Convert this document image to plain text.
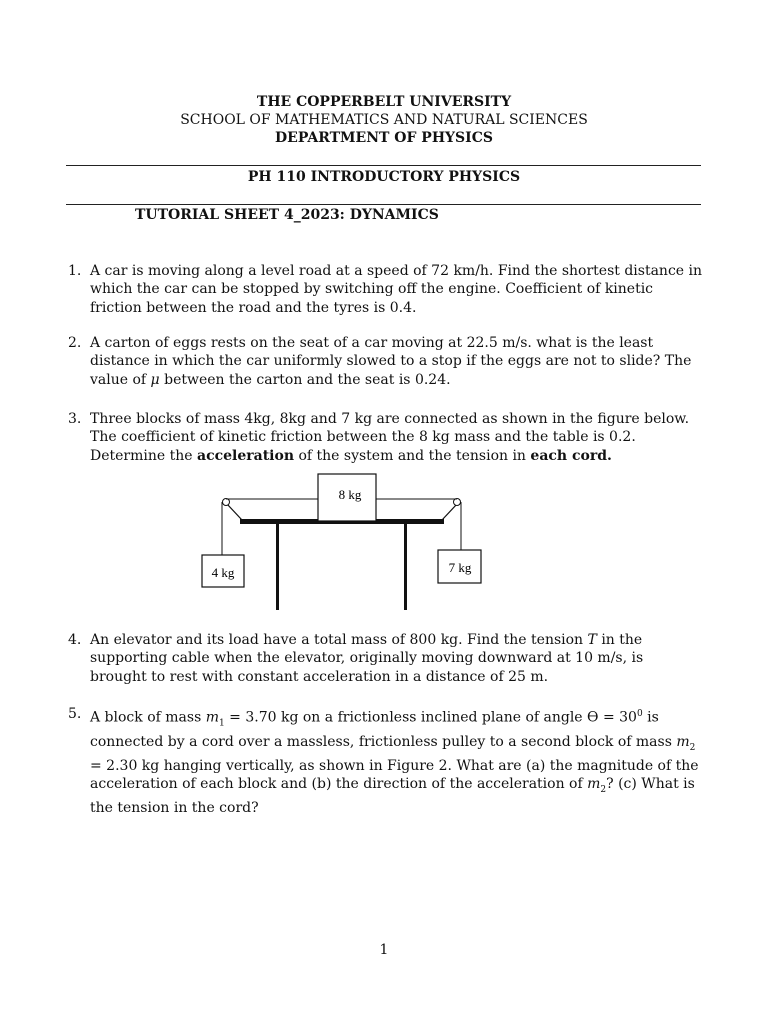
THE COPPERBELT UNIVERSITY
SCHOOL OF MATHEMATICS AND NATURAL SCIENCES
DEPARTMENT OF PHYSICS
PH 110 INTRODUCTORY PHYSICS
TUTORIAL SHEET 4_2023: DYNAMICS
1. A car is moving along a level road at a speed of 72 km/h. Find the shortest distance in which the car can be stopped by switching off the engine. Coefficient of kinetic friction between the road and the tyres is 0.4.

2. A carton of eggs rests on the seat of a car moving at 22.5 m/s. what is the least distance in which the car uniformly slowed to a stop if the eggs are not to slide? The value of μ between the carton and the seat is 0.24.

3. Three blocks of mass 4kg, 8kg and 7 kg are connected as shown in the figure below. The coefficient of kinetic friction between the 8 kg mass and the table is 0.2. Determine the acceleration of the system and the tension in each cord.

8 kg
4 kg	7 kg
4. An elevator and its load have a total mass of 800 kg. Find the tension T in the supporting cable when the elevator, originally moving downward at 10 m/s, is brought to rest with constant acceleration in a distance of 25 m.

5. A block of mass $m_1 = 3.70$ kg on a frictionless inclined plane of angle $ϴ = 30^0$ is connected by a cord over a massless, frictionless pulley to a second block of mass $m_2 = 2.30$ kg hanging vertically, as shown in Figure 2. What are (a) the magnitude of the acceleration of each block and (b) the direction of the acceleration of $m_2$? (c) What is the tension in the cord?

1
